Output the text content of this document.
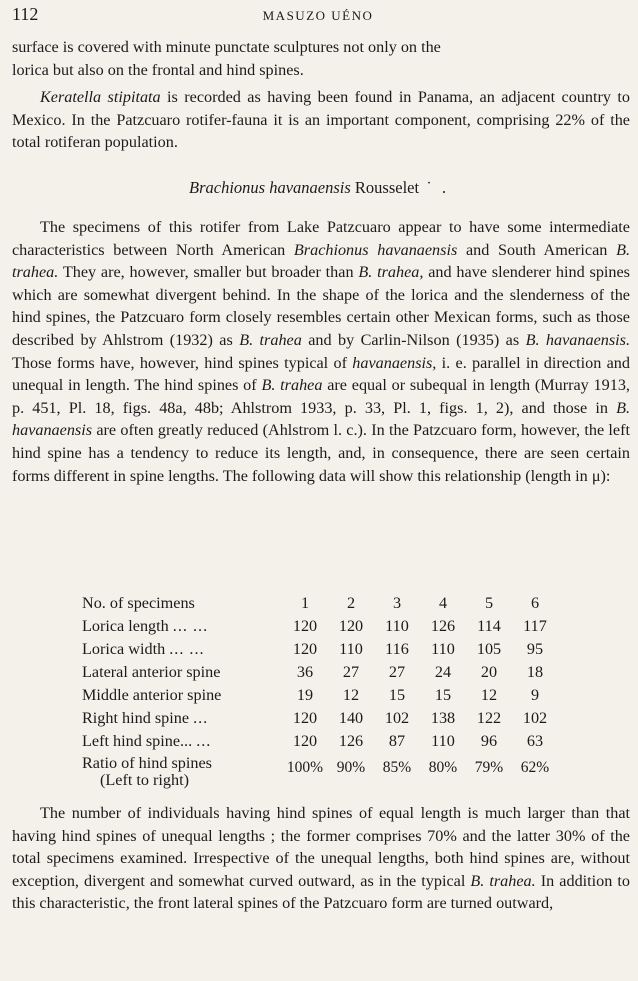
112	MASUZO UÉNO

surface is covered with minute punctate sculptures not only on the

lorica but also on the frontal and hind spines.

Keratella stipitata is recorded as having been found in Panama, an adjacent country to Mexico. In the Patzcuaro rotifer-fauna it is an important component, comprising 22% of the total rotiferan population.

Brachionus havanaensis Rousselet ˙ .

The specimens of this rotifer from Lake Patzcuaro appear to have some intermediate characteristics between North American Brachionus havanaensis and South American B. trahea. They are, however, smaller but broader than B. trahea, and have slenderer hind spines which are somewhat divergent behind. In the shape of the lorica and the slenderness of the hind spines, the Patzcuaro form closely resembles certain other Mexican forms, such as those described by Ahlstrom (1932) as B. trahea and by Carlin-Nilson (1935) as B. havanaensis. Those forms have, however, hind spines typical of havanaensis, i. e. parallel in direction and unequal in length. The hind spines of B. trahea are equal or subequal in length (Murray 1913, p. 451, Pl. 18, figs. 48a, 48b; Ahlstrom 1933, p. 33, Pl. 1, figs. 1, 2), and those in B. havanaensis are often greatly reduced (Ahlstrom l. c.). In the Patzcuaro form, however, the left hind spine has a tendency to reduce its length, and, in consequence, there are seen certain forms different in spine lengths. The following data will show this relationship (length in μ):

No. of specimens	1	2	3	4	5	6
Lorica length ... ...	120	120	110	126	114	117
Lorica width ... ...	120	110	116	110	105	95
Lateral anterior spine	36	27	27	24	20	18
Middle anterior spine	19	12	15	15	12	9
Right hind spine ...	120	140	102	138	122	102
Left hind spine... ...	120	126	87	110	96	63

Ratio of hind spines
(Left to right)	100%	90%	85%	80%	79%	62%

The number of individuals having hind spines of equal length is much larger than that having hind spines of unequal lengths ; the former comprises 70% and the latter 30% of the total specimens examined. Irrespective of the unequal lengths, both hind spines are, without exception, divergent and somewhat curved outward, as in the typical B. trahea. In addition to this characteristic, the front lateral spines of the Patzcuaro form are turned outward,
